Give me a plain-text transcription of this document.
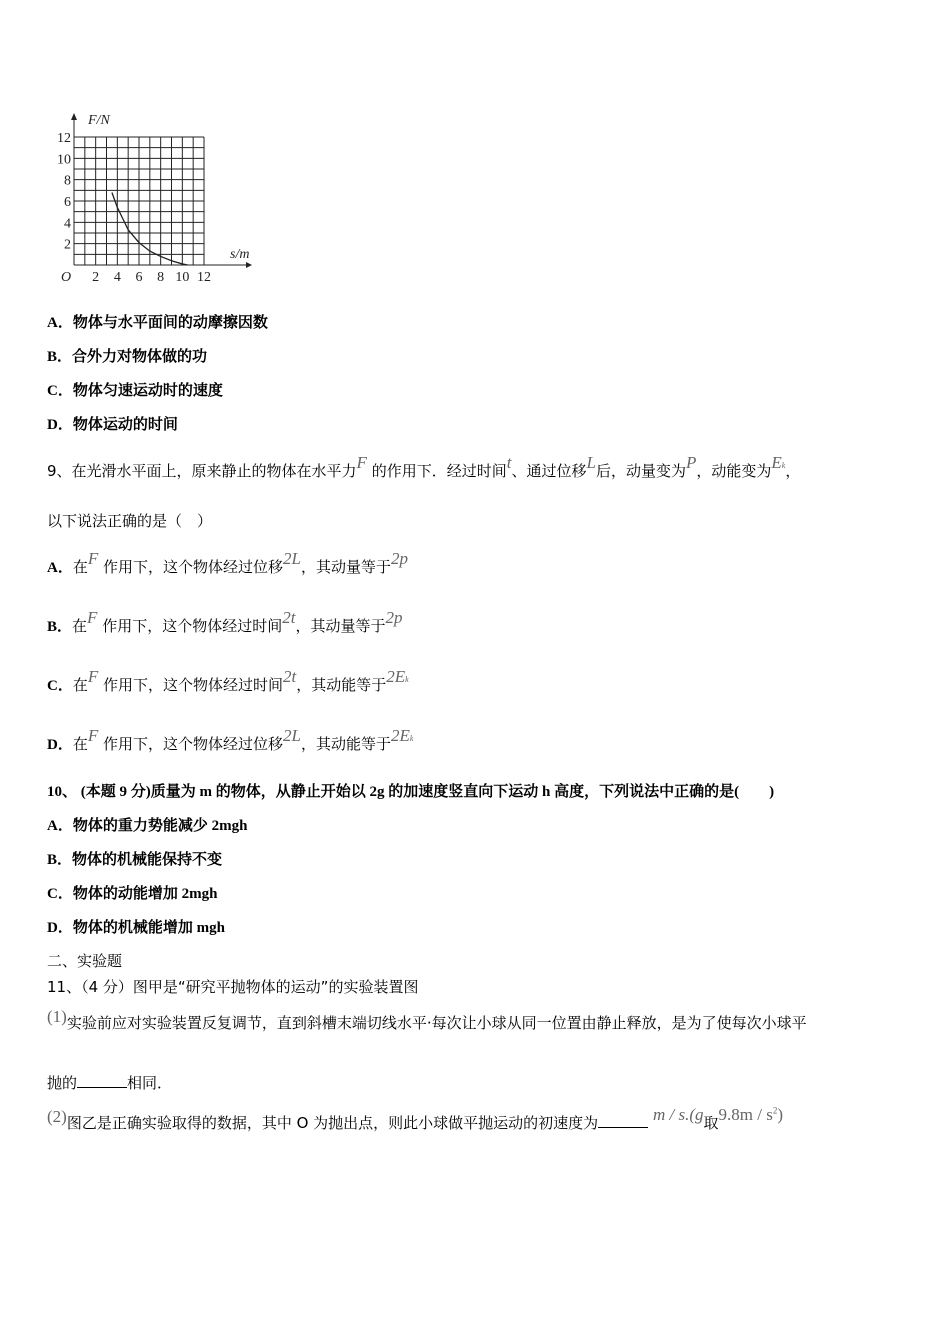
2
4
6
8
10
12
2 4 6 8 10 12
O
F/N
s/m
A．物体与水平面间的动摩擦因数
B．合外力对物体做的功
C．物体匀速运动时的速度
D．物体运动的时间
9、在光滑水平面上，原来静止的物体在水平力F 的作用下．经过时间t、通过位移L后，动量变为P，动能变为Ek，
以下说法正确的是（　）
A．在F 作用下，这个物体经过位移2L，其动量等于2p
B．在F 作用下，这个物体经过时间2t，其动量等于2p
C．在F 作用下，这个物体经过时间2t，其动能等于2Ek
D．在F 作用下，这个物体经过位移2L，其动能等于2Ek
10、 (本题 9 分)质量为 m 的物体，从静止开始以 2g 的加速度竖直向下运动 h 高度，下列说法中正确的是(　　)
A．物体的重力势能减少 2mgh
B．物体的机械能保持不变
C．物体的动能增加 2mgh
D．物体的机械能增加 mgh
二、实验题
11、（4 分）图甲是“研究平抛物体的运动”的实验装置图
(1)实验前应对实验装置反复调节，直到斜槽末端切线水平·每次让小球从同一位置由静止释放，是为了使每次小球平
抛的	相同．
(2)图乙是正确实验取得的数据，其中 O 为抛出点，则此小球做平抛运动的初速度为	m / s.(g取$9.8m / s^2$)
